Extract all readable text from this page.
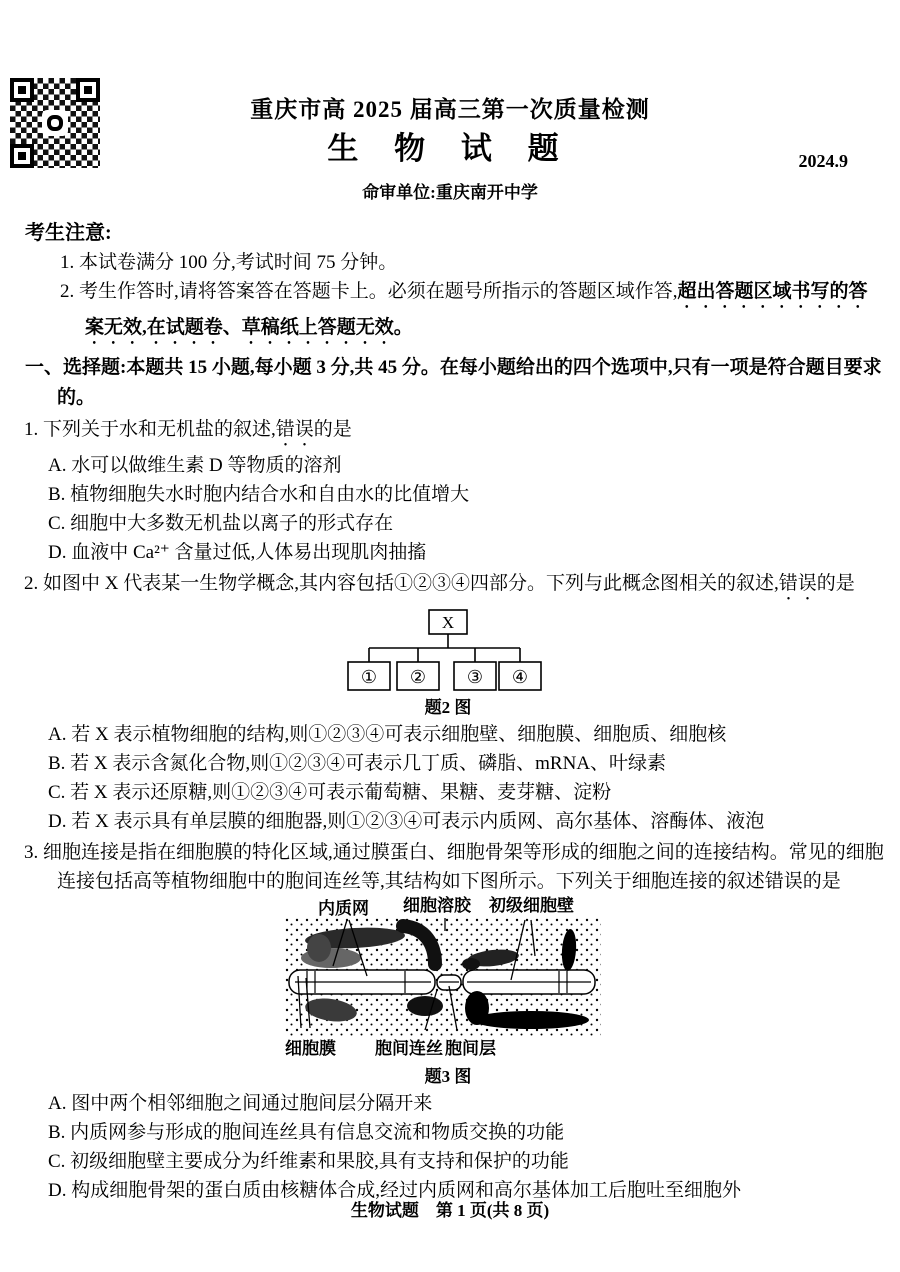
重庆市高 2025 届高三第一次质量检测
生 物 试 题
命审单位:重庆南开中学
2024.9

考生注意:

1. 本试卷满分 100 分,考试时间 75 分钟。

2. 考生作答时,请将答案答在答题卡上。必须在题号所指示的答题区域作答,超出答题区域书写的答案无效,在试题卷、草稿纸上答题无效。

一、选择题:本题共 15 小题,每小题 3 分,共 45 分。在每小题给出的四个选项中,只有一项是符合题目要求的。

1. 下列关于水和无机盐的叙述,错误的是

A. 水可以做维生素 D 等物质的溶剂

B. 植物细胞失水时胞内结合水和自由水的比值增大

C. 细胞中大多数无机盐以离子的形式存在

D. 血液中 Ca²⁺ 含量过低,人体易出现肌肉抽搐

2. 如图中 X 代表某一生物学概念,其内容包括①②③④四部分。下列与此概念图相关的叙述,错误的是

X
① ② ③ ④
题2 图

A. 若 X 表示植物细胞的结构,则①②③④可表示细胞壁、细胞膜、细胞质、细胞核

B. 若 X 表示含氮化合物,则①②③④可表示几丁质、磷脂、mRNA、叶绿素

C. 若 X 表示还原糖,则①②③④可表示葡萄糖、果糖、麦芽糖、淀粉

D. 若 X 表示具有单层膜的细胞器,则①②③④可表示内质网、高尔基体、溶酶体、液泡

3. 细胞连接是指在细胞膜的特化区域,通过膜蛋白、细胞骨架等形成的细胞之间的连接结构。常见的细胞连接包括高等植物细胞中的胞间连丝等,其结构如下图所示。下列关于细胞连接的叙述错误的是

内质网 细胞溶胶 初级细胞壁
细胞膜 胞间连丝 胞间层
题3 图

A. 图中两个相邻细胞之间通过胞间层分隔开来

B. 内质网参与形成的胞间连丝具有信息交流和物质交换的功能

C. 初级细胞壁主要成分为纤维素和果胶,具有支持和保护的功能

D. 构成细胞骨架的蛋白质由核糖体合成,经过内质网和高尔基体加工后胞吐至细胞外

生物试题　第 1 页(共 8 页)
